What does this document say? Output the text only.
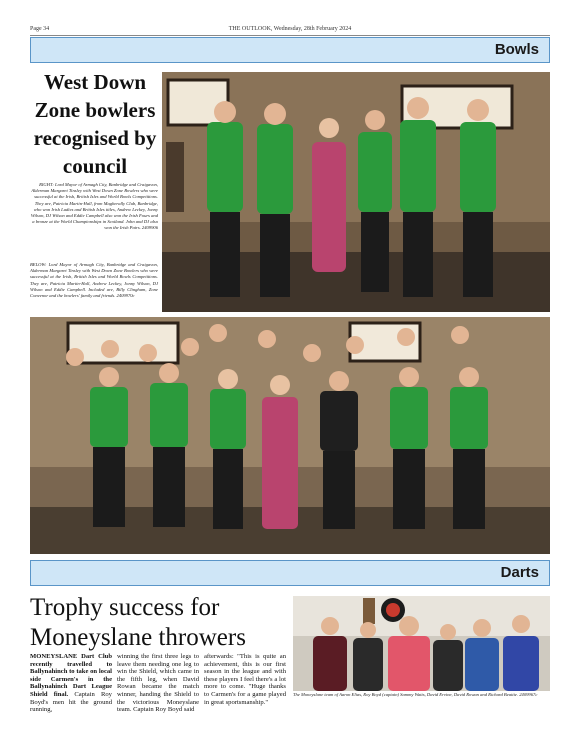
Page 34	THE OUTLOOK, Wednesday, 28th February 2024
Bowls
West Down Zone bowlers recognised by council
RIGHT: Lord Mayor of Armagh City, Banbridge and Craigavon, Alderman Margaret Tinsley with West Down Zone Bowlers who were successful at the Irish, British Isles and World Bowls Competitions. They are, Patricia Martin-Hall, from Magherally Club, Banbridge, who won Irish Ladies and British Isles titles, Andrew Leckey, Jonny Wilson, DJ Wilson and Eddie Campbell also won the Irish Fours and a bronze at the World Championships in Scotland. John and DJ also won the Irish Pairs. 2409906
BELOW: Lord Mayor of Armagh City, Banbridge and Craigavon, Alderman Margaret Tinsley with West Down Zone Bowlers who were successful at the Irish, British Isles and World Bowls Competitions. They are, Patricia Martin-Hall, Andrew Leckey, Jonny Wilson, DJ Wilson and Eddie Campbell. Included are, Billy Clingham, Zone Convenor and the bowlers' family and friends. 2409970c
Darts
Trophy success for Moneyslane throwers
MONEYSLANE Dart Club recently travelled to Ballynahinch to take on local side Carmen's in the Ballynahinch Dart League Shield final. Captain Roy Boyd's men hit the ground running,
winning the first three legs to leave them needing one leg to win the Shield, which came in the fifth leg, when David Rowan became the match winner, handing the Shield to the victorious Moneyslane team. Captain Roy Boyd said
afterwards: "This is quite an achievement, this is our first season in the league and with these players I feel there's a lot more to come. "Huge thanks to Carmen's for a game played in great sportsmanship."
The Moneyslane team of Aaron Elias, Roy Boyd (captain) Sammy Watts, David Ervine, David Rowan and Richard Beattie. 2409967c
